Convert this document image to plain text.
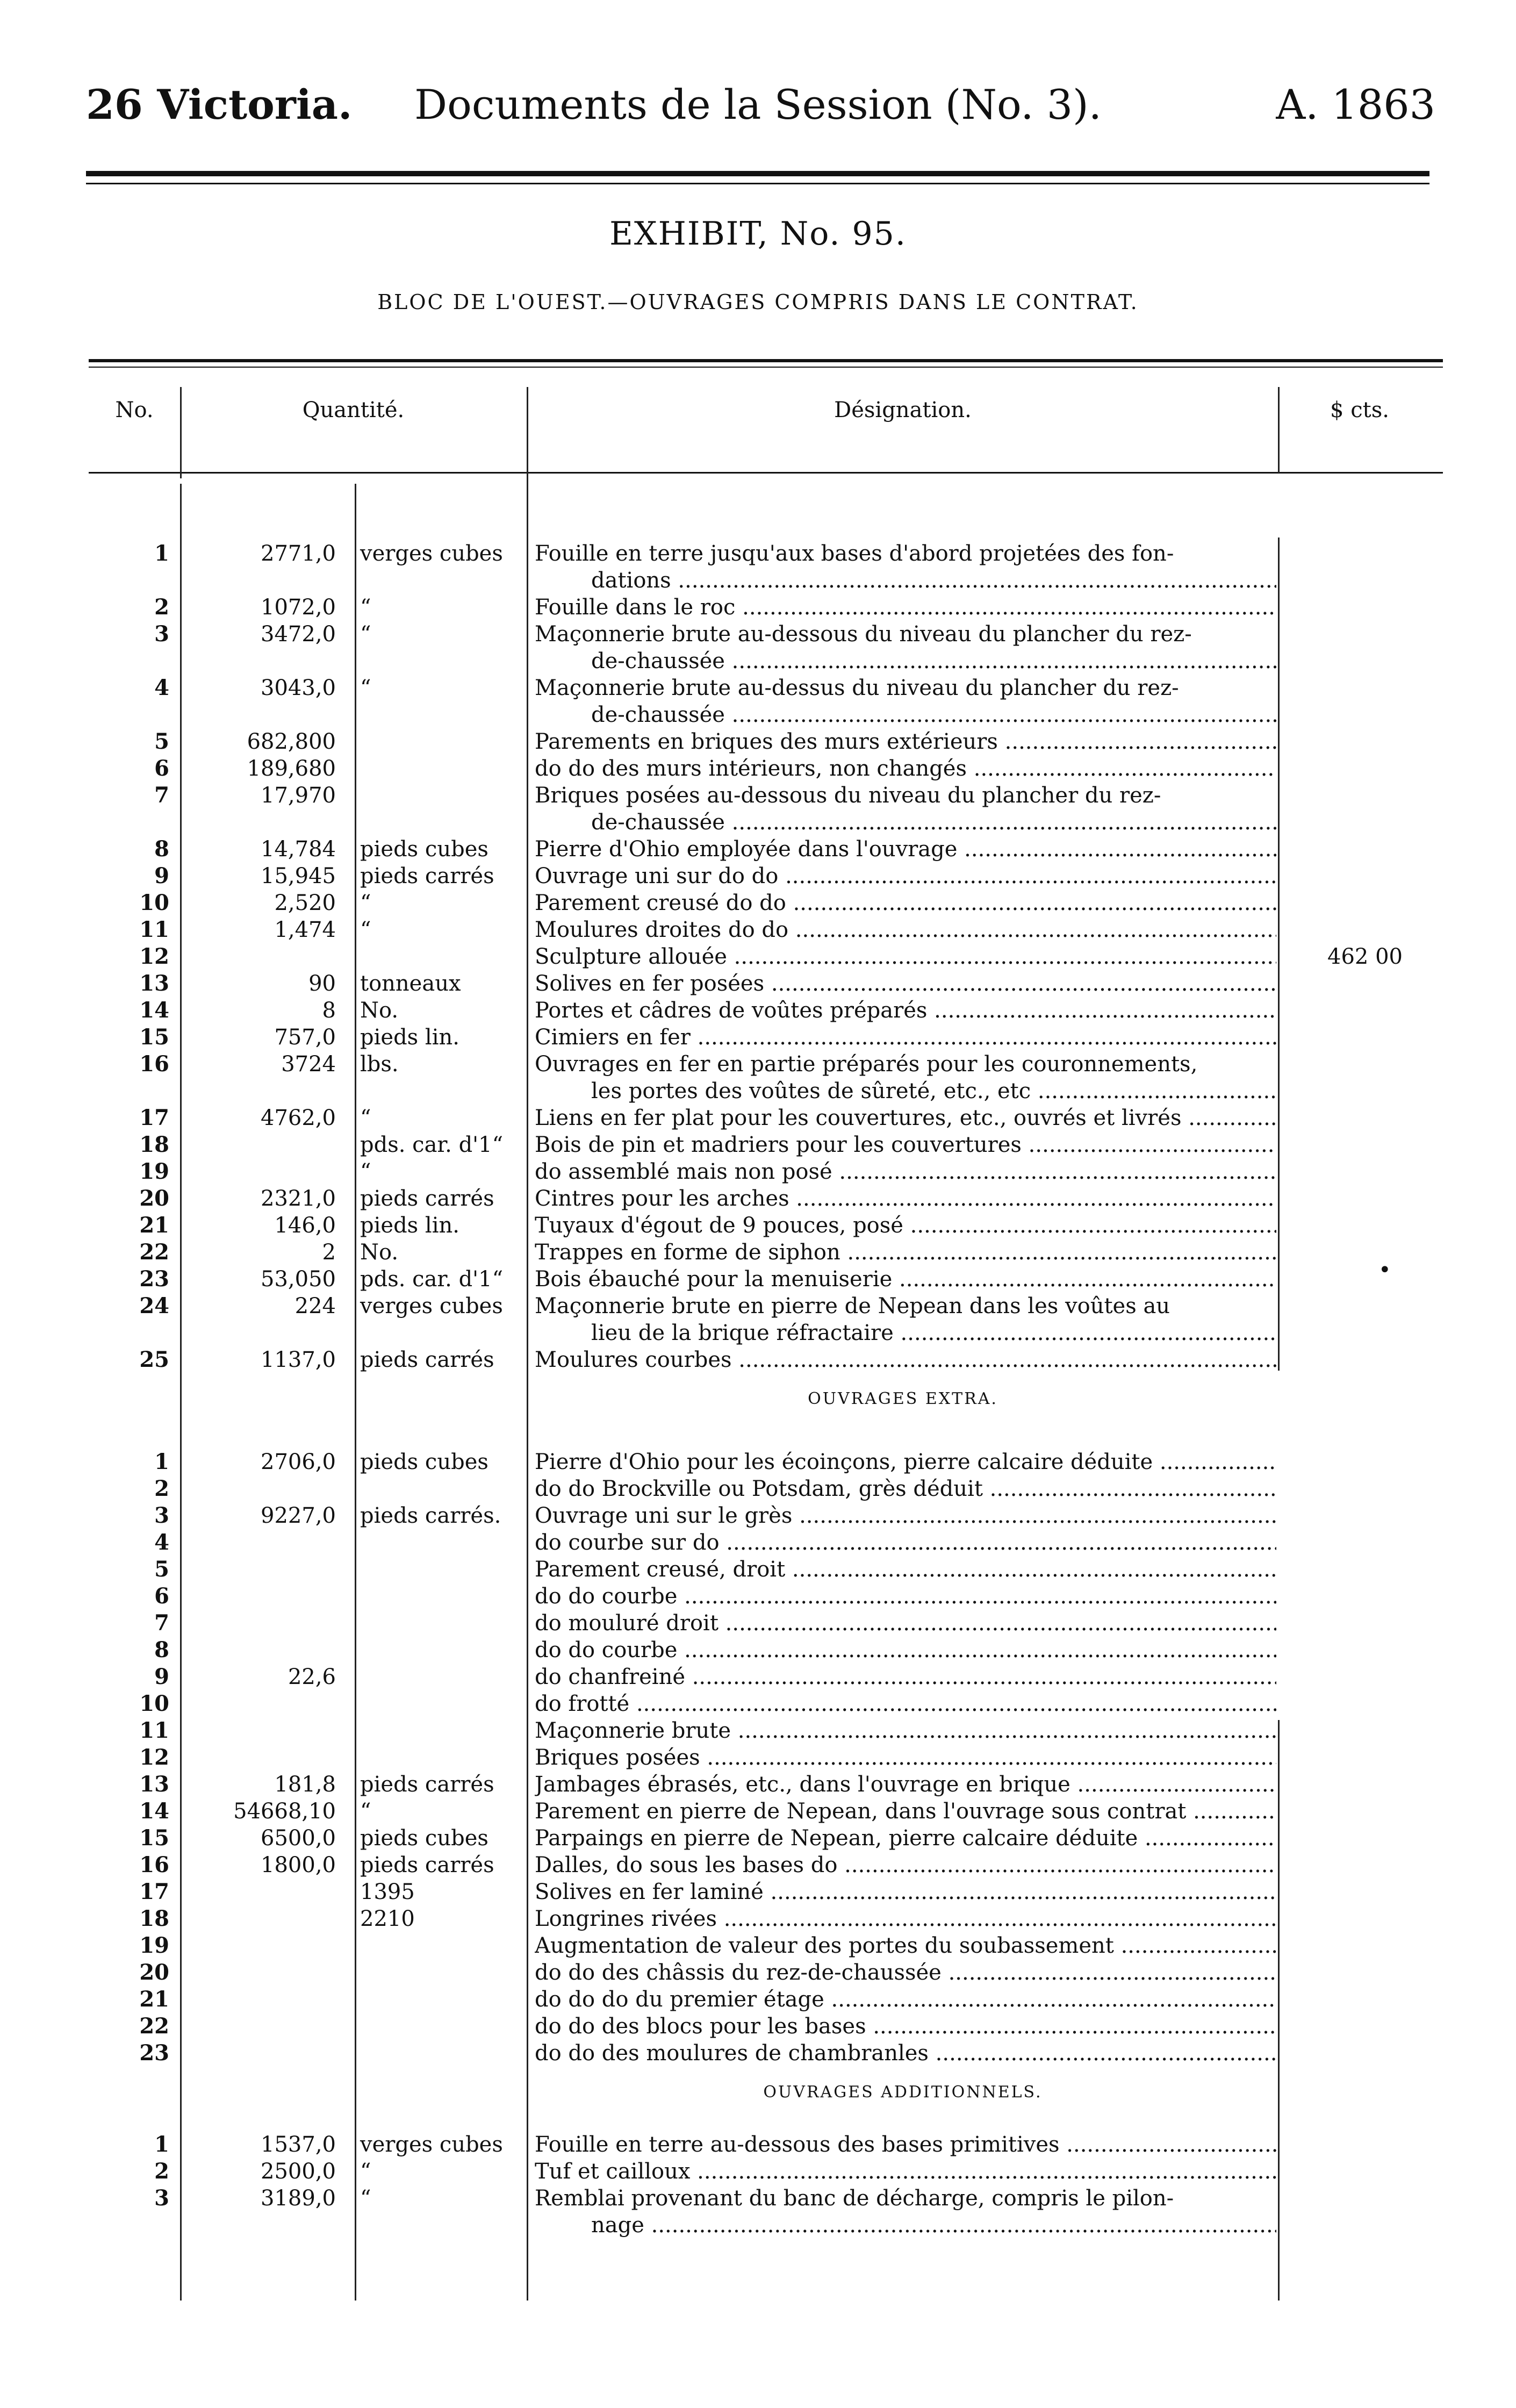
26 Victoria.	Documents de la Session (No. 3).	A. 1863
EXHIBIT, No. 95.
BLOC DE L'OUEST.—OUVRAGES COMPRIS DANS LE CONTRAT.
No.	Quantité.	Désignation.	$ cts.
1	2771,0 verges cubes	Fouille en terre jusqu'aux bases d'abord projetées des fon-
dations .....
2	1072,0 “	Fouille dans le roc .....
3	3472,0 “	Maçonnerie brute au-dessous du niveau du plancher du rez-
de-chaussée .....
4	3043,0 “	Maçonnerie brute au-dessus du niveau du plancher du rez-
de-chaussée .....
5	682,800	Parements en briques des murs extérieurs .....
6	189,680	do do des murs intérieurs, non changés .....
7	17,970	Briques posées au-dessous du niveau du plancher du rez-
de-chaussée .....
8	14,784 pieds cubes	Pierre d'Ohio employée dans l'ouvrage .....
9	15,945 pieds carrés	Ouvrage uni sur do do .....
10	2,520 “	Parement creusé do do .....
11	1,474 “	Moulures droites do do .....
12	Sculpture allouée .....	462 00
13	90 tonneaux	Solives en fer posées .....
14	8 No.	Portes et câdres de voûtes préparés .....
15	757,0 pieds lin.	Cimiers en fer .....
16	3724 lbs.	Ouvrages en fer en partie préparés pour les couronnements,
les portes des voûtes de sûreté, etc., etc .....
17	4762,0 “	Liens en fer plat pour les couvertures, etc., ouvrés et livrés .....
18	pds. car. d'1“	Bois de pin et madriers pour les couvertures .....
19	“	do assemblé mais non posé .....
20	2321,0 pieds carrés	Cintres pour les arches .....
21	146,0 pieds lin.	Tuyaux d'égout de 9 pouces, posé .....
22	2 No.	Trappes en forme de siphon .....
23	53,050 pds. car. d'1“	Bois ébauché pour la menuiserie .....
24	224 verges cubes	Maçonnerie brute en pierre de Nepean dans les voûtes au
lieu de la brique réfractaire .....
25	1137,0 pieds carrés	Moulures courbes .....
OUVRAGES EXTRA.
1	2706,0 pieds cubes	Pierre d'Ohio pour les écoinçons, pierre calcaire déduite .....
2	do do Brockville ou Potsdam, grès déduit .....
3	9227,0 pieds carrés.	Ouvrage uni sur le grès .....
4	do courbe sur do .....
5	Parement creusé, droit .....
6	do do courbe .....
7	do mouluré droit .....
8	do do courbe .....
9	22,6	do chanfreiné .....
10	do frotté .....
11	Maçonnerie brute .....
12	Briques posées .....
13	181,8 pieds carrés	Jambages ébrasés, etc., dans l'ouvrage en brique .....
14	54668,10 “	Parement en pierre de Nepean, dans l'ouvrage sous contrat .....
15	6500,0 pieds cubes	Parpaings en pierre de Nepean, pierre calcaire déduite .....
16	1800,0 pieds carrés	Dalles, do sous les bases do .....
17	1395	Solives en fer laminé .....
18	2210	Longrines rivées .....
19	Augmentation de valeur des portes du soubassement .....
20	do do des châssis du rez-de-chaussée .....
21	do do do du premier étage .....
22	do do des blocs pour les bases .....
23	do do des moulures de chambranles .....
OUVRAGES ADDITIONNELS.
1	1537,0 verges cubes	Fouille en terre au-dessous des bases primitives .....
2	2500,0 “	Tuf et cailloux .....
3	3189,0 “	Remblai provenant du banc de décharge, compris le pilon-
nage .....
•
